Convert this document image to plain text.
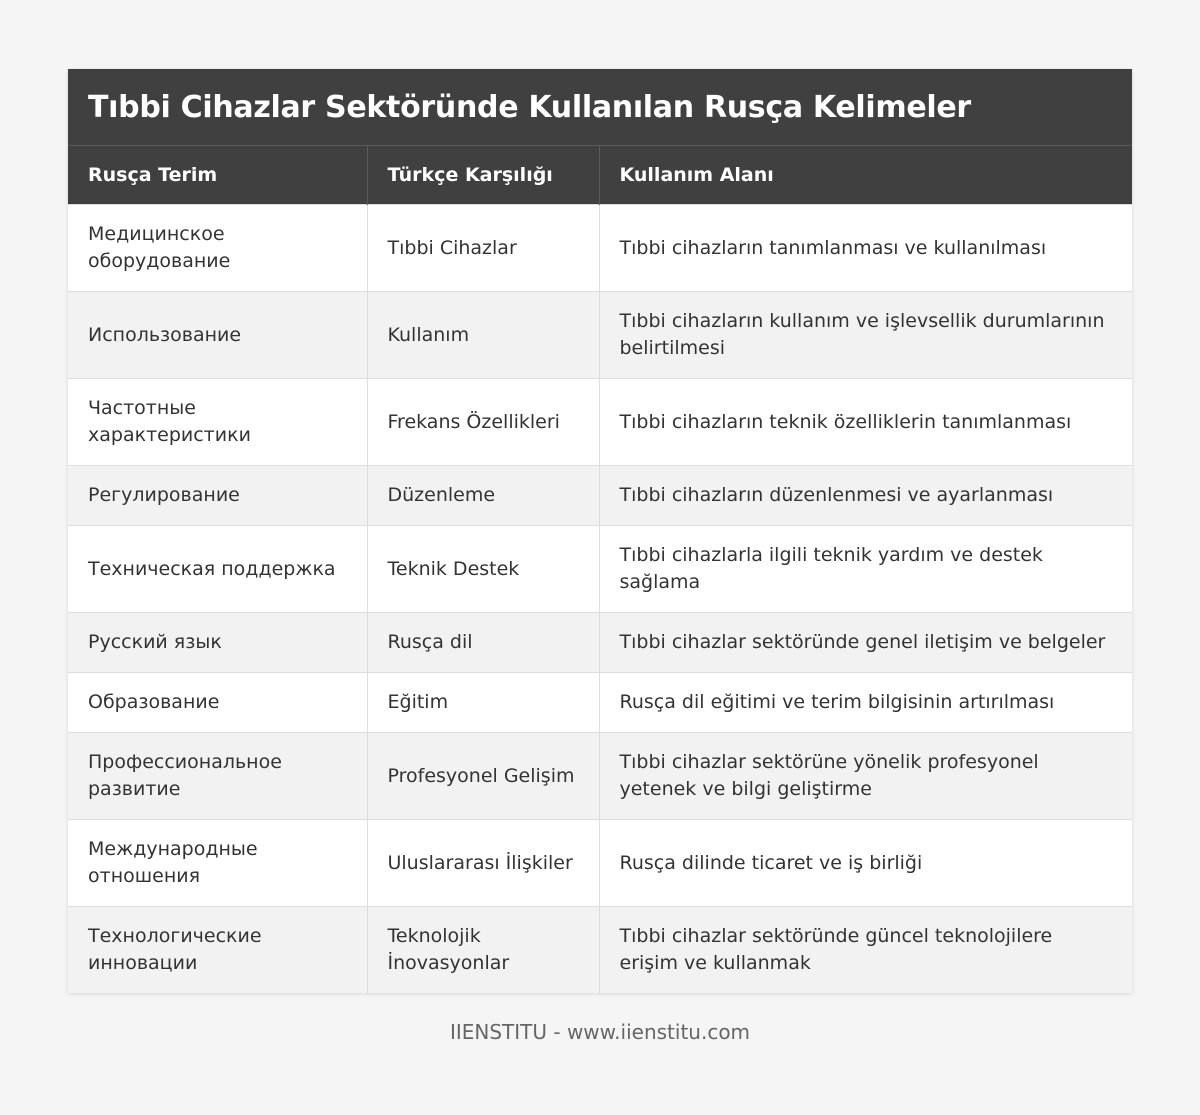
Tıbbi Cihazlar Sektöründe Kullanılan Rusça Kelimeler
Rusça Terim	Türkçe Karşılığı	Kullanım Alanı
Медицинское оборудование	Tıbbi Cihazlar	Tıbbi cihazların tanımlanması ve kullanılması
Использование	Kullanım	Tıbbi cihazların kullanım ve işlevsellik durumlarının belirtilmesi
Частотные характеристики	Frekans Özellikleri	Tıbbi cihazların teknik özelliklerin tanımlanması
Регулирование	Düzenleme	Tıbbi cihazların düzenlenmesi ve ayarlanması
Техническая поддержка	Teknik Destek	Tıbbi cihazlarla ilgili teknik yardım ve destek sağlama
Русский язык	Rusça dil	Tıbbi cihazlar sektöründe genel iletişim ve belgeler
Образование	Eğitim	Rusça dil eğitimi ve terim bilgisinin artırılması
Профессиональное развитие	Profesyonel Gelişim	Tıbbi cihazlar sektörüne yönelik profesyonel yetenek ve bilgi geliştirme
Международные отношения	Uluslararası İlişkiler	Rusça dilinde ticaret ve iş birliği
Технологические инновации	Teknolojik İnovasyonlar	Tıbbi cihazlar sektöründe güncel teknolojilere erişim ve kullanmak
IIENSTITU - www.iienstitu.com
